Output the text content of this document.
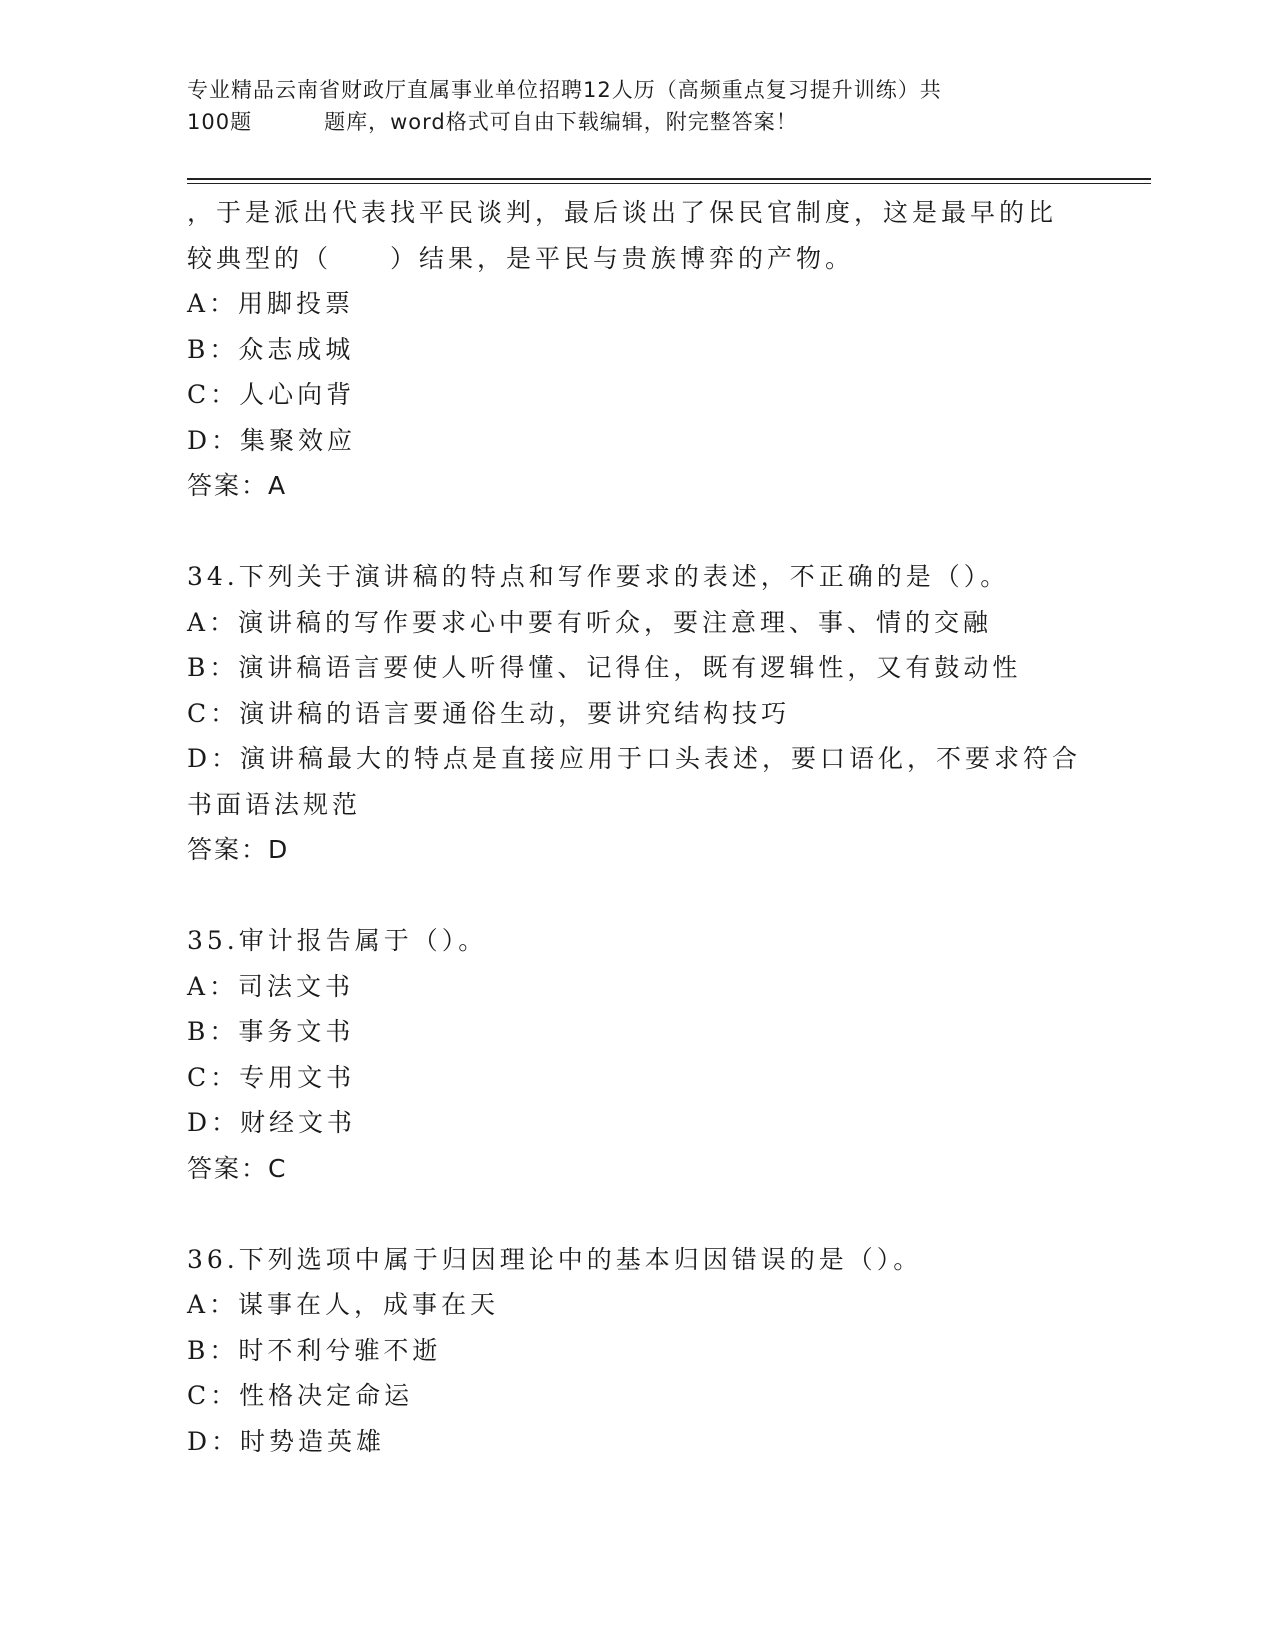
专业精品云南省财政厅直属事业单位招聘12人历（高频重点复习提升训练）共
100题	题库，word格式可自由下载编辑，附完整答案！
，于是派出代表找平民谈判，最后谈出了保民官制度，这是最早的比
较典型的（　　）结果，是平民与贵族博弈的产物。
A：用脚投票
B：众志成城
C：人心向背
D：集聚效应
答案：A
34.下列关于演讲稿的特点和写作要求的表述，不正确的是（）。
A：演讲稿的写作要求心中要有听众，要注意理、事、情的交融
B：演讲稿语言要使人听得懂、记得住，既有逻辑性，又有鼓动性
C：演讲稿的语言要通俗生动，要讲究结构技巧
D：演讲稿最大的特点是直接应用于口头表述，要口语化，不要求符合
书面语法规范
答案：D
35.审计报告属于（）。
A：司法文书
B：事务文书
C：专用文书
D：财经文书
答案：C
36.下列选项中属于归因理论中的基本归因错误的是（）。
A：谋事在人，成事在天
B：时不利兮骓不逝
C：性格决定命运
D：时势造英雄
